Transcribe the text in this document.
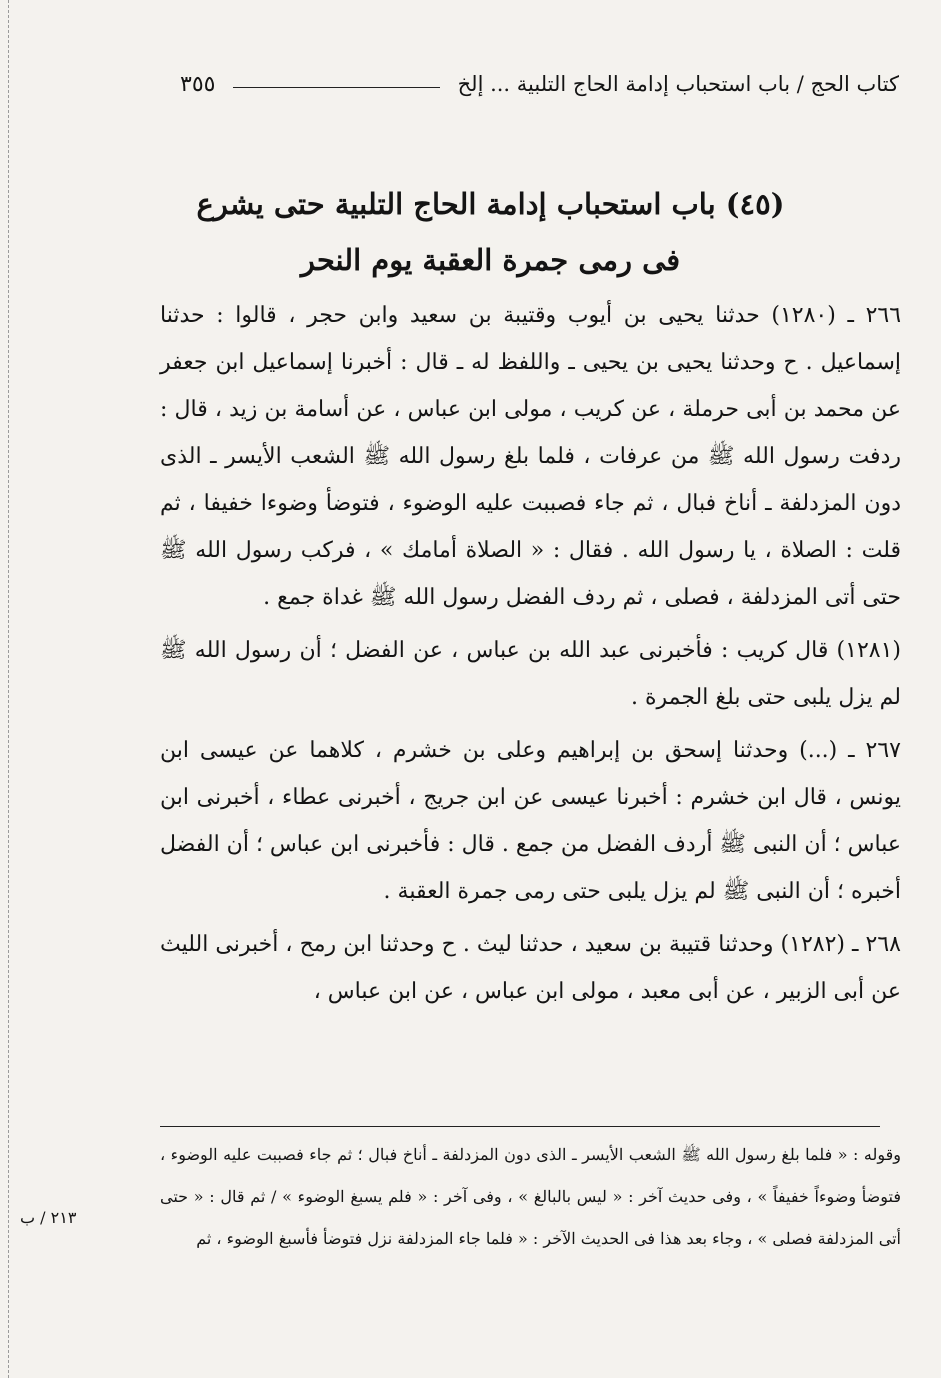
كتاب الحج / باب استحباب إدامة الحاج التلبية ... إلخ
٣٥٥
(٤٥) باب استحباب إدامة الحاج التلبية حتى يشرع
فى رمى جمرة العقبة يوم النحر

٢٦٦ ـ (١٢٨٠) حدثنا يحيى بن أيوب وقتيبة بن سعيد وابن حجر ، قالوا : حدثنا إسماعيل . ح وحدثنا يحيى بن يحيى ـ واللفظ له ـ قال : أخبرنا إسماعيل ابن جعفر عن محمد بن أبى حرملة ، عن كريب ، مولى ابن عباس ، عن أسامة بن زيد ، قال : ردفت رسول الله ﷺ من عرفات ، فلما بلغ رسول الله ﷺ الشعب الأيسر ـ الذى دون المزدلفة ـ أناخ فبال ، ثم جاء فصببت عليه الوضوء ، فتوضأ وضوءا خفيفا ، ثم قلت : الصلاة ، يا رسول الله . فقال : « الصلاة أمامك » ، فركب رسول الله ﷺ حتى أتى المزدلفة ، فصلى ، ثم ردف الفضل رسول الله ﷺ غداة جمع .

(١٢٨١) قال كريب : فأخبرنى عبد الله بن عباس ، عن الفضل ؛ أن رسول الله ﷺ لم يزل يلبى حتى بلغ الجمرة .

٢٦٧ ـ (...) وحدثنا إسحق بن إبراهيم وعلى بن خشرم ، كلاهما عن عيسى ابن يونس ، قال ابن خشرم : أخبرنا عيسى عن ابن جريج ، أخبرنى عطاء ، أخبرنى ابن عباس ؛ أن النبى ﷺ أردف الفضل من جمع . قال : فأخبرنى ابن عباس ؛ أن الفضل أخبره ؛ أن النبى ﷺ لم يزل يلبى حتى رمى جمرة العقبة .

٢٦٨ ـ (١٢٨٢) وحدثنا قتيبة بن سعيد ، حدثنا ليث . ح وحدثنا ابن رمح ، أخبرنى الليث عن أبى الزبير ، عن أبى معبد ، مولى ابن عباس ، عن ابن عباس ،

وقوله : « فلما بلغ رسول الله ﷺ الشعب الأيسر ـ الذى دون المزدلفة ـ أناخ فبال ؛ ثم جاء فصببت عليه الوضوء ، فتوضأ وضوءاً خفيفاً » ، وفى حديث آخر : « ليس بالبالغ » ، وفى آخر : « فلم يسبغ الوضوء » / ثم قال : « حتى أتى المزدلفة فصلى » ، وجاء بعد هذا فى الحديث الآخر : « فلما جاء المزدلفة نزل فتوضأ فأسبغ الوضوء ، ثم
٢١٣ / ب
